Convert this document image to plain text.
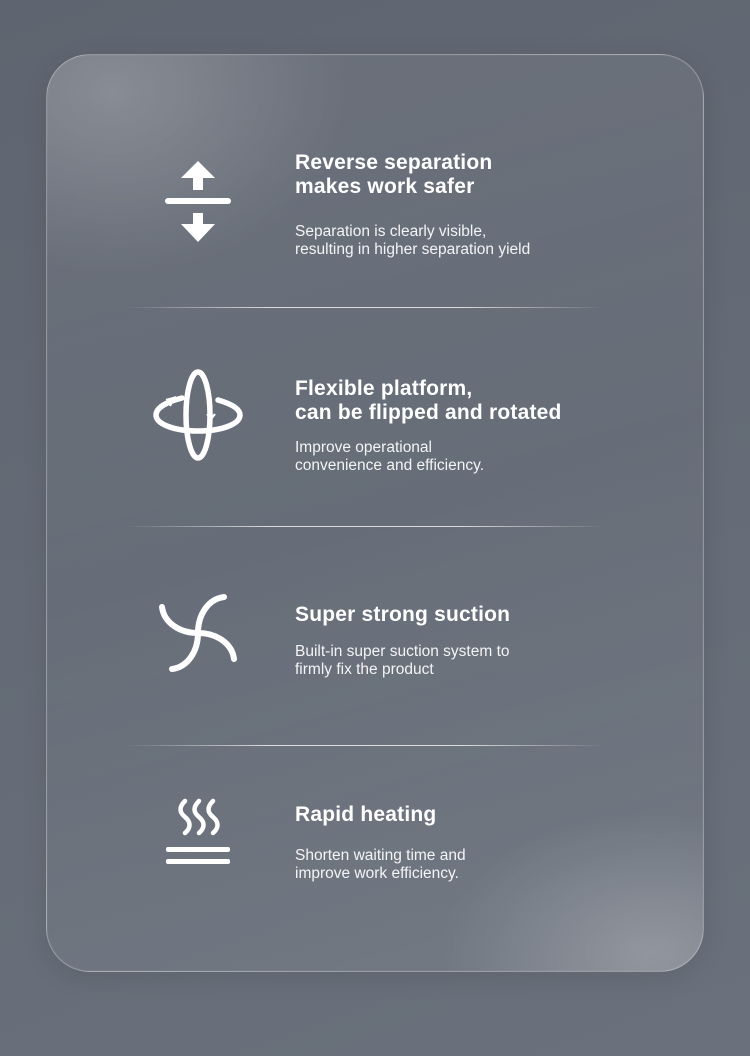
Reverse separation
makes work safer

Separation is clearly visible,
resulting in higher separation yield

Flexible platform,
can be flipped and rotated

Improve operational
convenience and efficiency.

Super strong suction

Built-in super suction system to
firmly fix the product

Rapid heating

Shorten waiting time and
improve work efficiency.
